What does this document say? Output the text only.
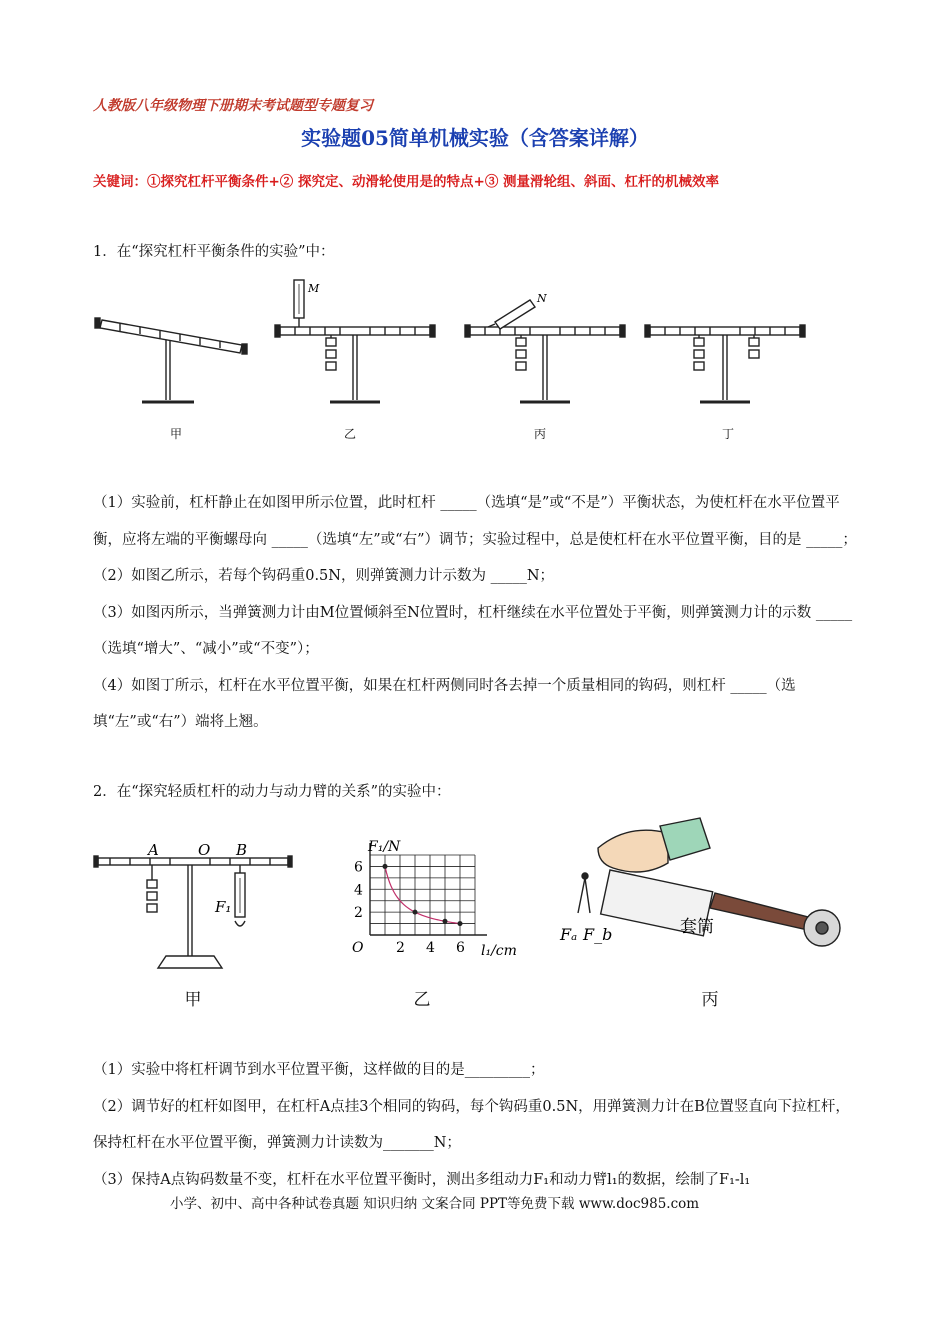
人教版八年级物理下册期末考试题型专题复习
实验题05简单机械实验（含答案详解）
关键词：①探究杠杆平衡条件+② 探究定、动滑轮使用是的特点+③ 测量滑轮组、斜面、杠杆的机械效率
1．在“探究杠杆平衡条件的实验”中：
M
N
甲	乙	丙	丁

（1）实验前，杠杆静止在如图甲所示位置，此时杠杆 _____（选填“是”或“不是”）平衡状态，为使杠杆在水平位置平衡，应将左端的平衡螺母向 _____（选填“左”或“右”）调节；实验过程中，总是使杠杆在水平位置平衡，目的是 _____；

（2）如图乙所示，若每个钩码重0.5N，则弹簧测力计示数为 _____N；

（3）如图丙所示，当弹簧测力计由M位置倾斜至N位置时，杠杆继续在水平位置处于平衡，则弹簧测力计的示数 _____（选填“增大”、“减小”或“不变”）；

（4）如图丁所示，杠杆在水平位置平衡，如果在杠杆两侧同时各去掉一个质量相同的钩码，则杠杆 _____（选填“左”或“右”）端将上翘。

2．在“探究轻质杠杆的动力与动力臂的关系”的实验中：
A	O B
F₁
2 4 6
2
4
6
O	l₁/cm
F₁/N
Fₐ F_b	套筒
甲	乙	丙

（1）实验中将杠杆调节到水平位置平衡，这样做的目的是_________；

（2）调节好的杠杆如图甲，在杠杆A点挂3个相同的钩码，每个钩码重0.5N，用弹簧测力计在B位置竖直向下拉杠杆，保持杠杆在水平位置平衡，弹簧测力计读数为_______N；

（3）保持A点钩码数量不变，杠杆在水平位置平衡时，测出多组动力F₁和动力臂l₁的数据，绘制了F₁-l₁

小学、初中、高中各种试卷真题 知识归纳 文案合同 PPT等免费下载 www.doc985.com
